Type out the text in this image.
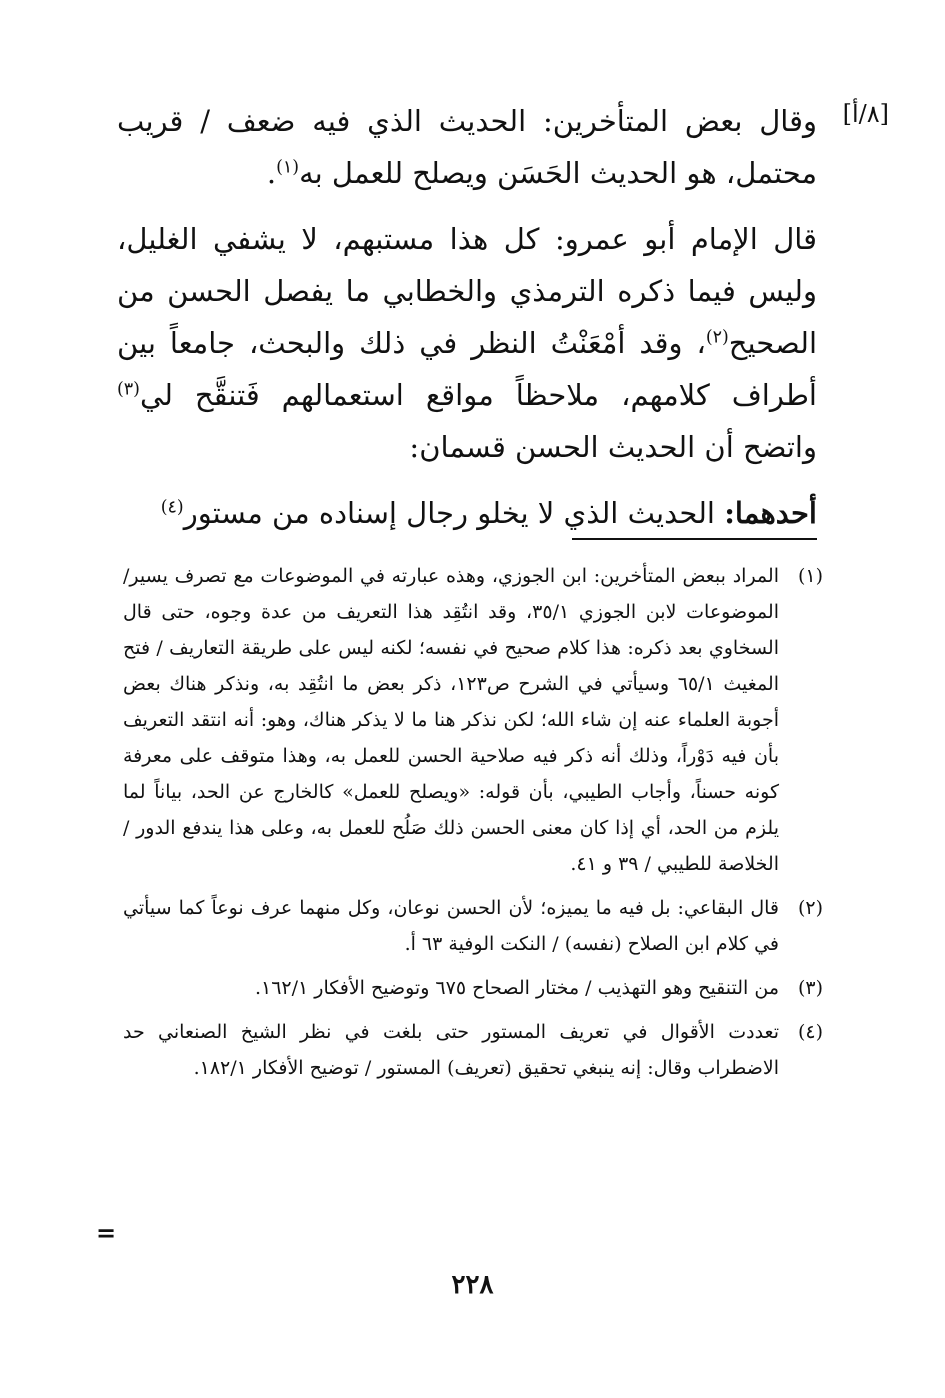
[٨/أ]

وقال بعض المتأخرين: الحديث الذي فيه ضعف / قريب محتمل، هو الحديث الحَسَن ويصلح للعمل به$^{(١)}$.

قال الإمام أبو عمرو: كل هذا مستبهم، لا يشفي الغليل، وليس فيما ذكره الترمذي والخطابي ما يفصل الحسن من الصحيح$^{(٢)}$، وقد أمْعَنْتُ النظر في ذلك والبحث، جامعاً بين أطراف كلامهم، ملاحظاً مواقع استعمالهم فَتنقَّح لي$^{(٣)}$ واتضح أن الحديث الحسن قسمان:

أحدهما: الحديث الذي لا يخلو رجال إسناده من مستور$^{(٤)}$

(١)
المراد ببعض المتأخرين: ابن الجوزي، وهذه عبارته في الموضوعات مع تصرف يسير/ الموضوعات لابن الجوزي ٣٥/١، وقد انتُقِد هذا التعريف من عدة وجوه، حتى قال السخاوي بعد ذكره: هذا كلام صحيح في نفسه؛ لكنه ليس على طريقة التعاريف / فتح المغيث ٦٥/١ وسيأتي في الشرح ص١٢٣، ذكر بعض ما انتُقِد به، ونذكر هناك بعض أجوبة العلماء عنه إن شاء الله؛ لكن نذكر هنا ما لا يذكر هناك، وهو: أنه انتقد التعريف بأن فيه دَوْراً، وذلك أنه ذكر فيه صلاحية الحسن للعمل به، وهذا متوقف على معرفة كونه حسناً، وأجاب الطيبي، بأن قوله: «ويصلح للعمل» كالخارج عن الحد، بياناً لما يلزم من الحد، أي إذا كان معنى الحسن ذلك صَلُح للعمل به، وعلى هذا يندفع الدور / الخلاصة للطيبي / ٣٩ و ٤١.
(٢)
قال البقاعي: بل فيه ما يميزه؛ لأن الحسن نوعان، وكل منهما عرف نوعاً كما سيأتي في كلام ابن الصلاح (نفسه) / النكت الوفية ٦٣ أ.
(٣)
من التنقيح وهو التهذيب / مختار الصحاح ٦٧٥ وتوضيح الأفكار ١٦٢/١.
(٤)
تعددت الأقوال في تعريف المستور حتى بلغت في نظر الشيخ الصنعاني حد الاضطراب وقال: إنه ينبغي تحقيق (تعريف) المستور / توضيح الأفكار ١٨٢/١.
=
٢٢٨
